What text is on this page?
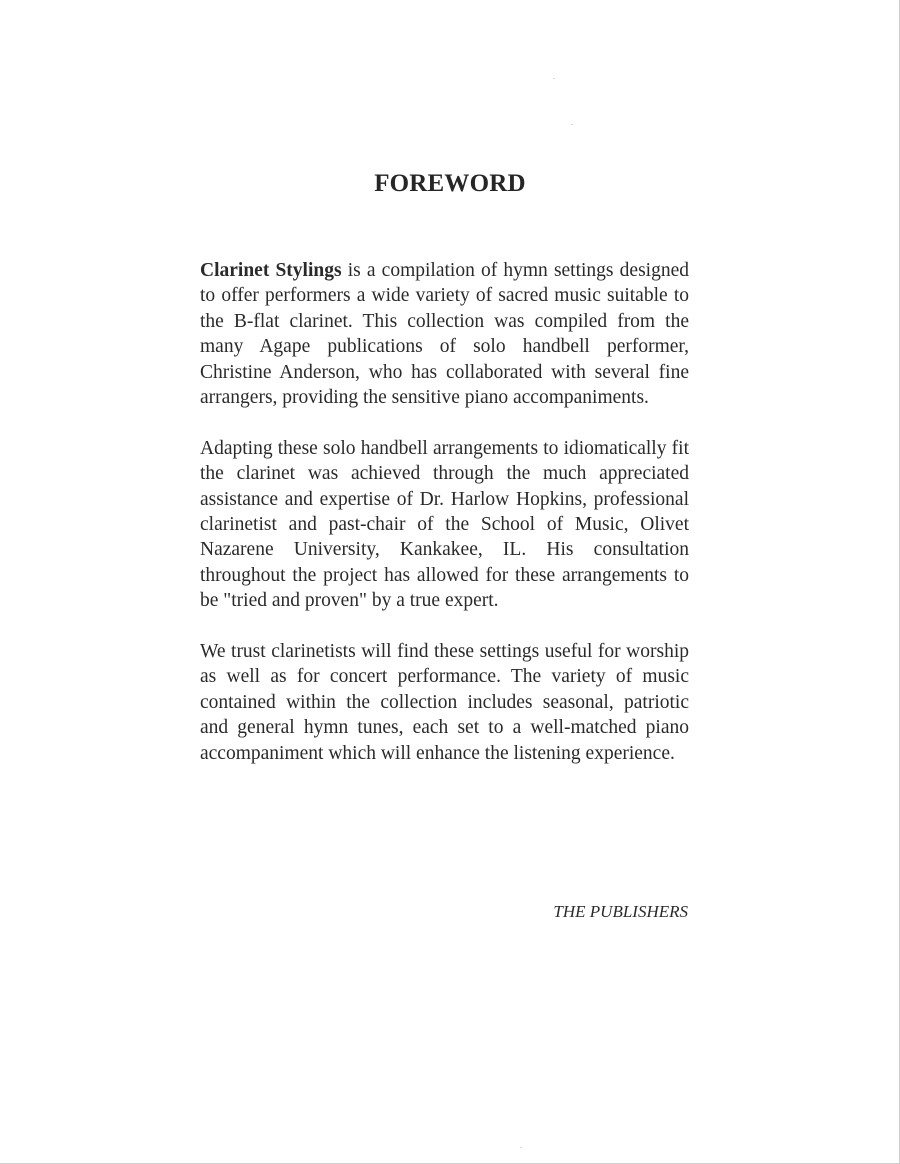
FOREWORD

Clarinet Stylings is a compilation of hymn settings designed to offer performers a wide variety of sacred music suitable to the B-flat clarinet. This collection was compiled from the many Agape publications of solo handbell performer, Christine Anderson, who has collaborated with several fine arrangers, providing the sensitive piano accompaniments.

Adapting these solo handbell arrangements to idiomatically fit the clarinet was achieved through the much appreciated assistance and expertise of Dr. Harlow Hopkins, professional clarinetist and past-chair of the School of Music, Olivet Nazarene University, Kankakee, IL. His consultation throughout the project has allowed for these arrangements to be "tried and proven" by a true expert.

We trust clarinetists will find these settings useful for worship as well as for concert performance. The variety of music contained within the collection includes seasonal, patriotic and general hymn tunes, each set to a well-matched piano accompaniment which will enhance the listening experience.

THE PUBLISHERS
